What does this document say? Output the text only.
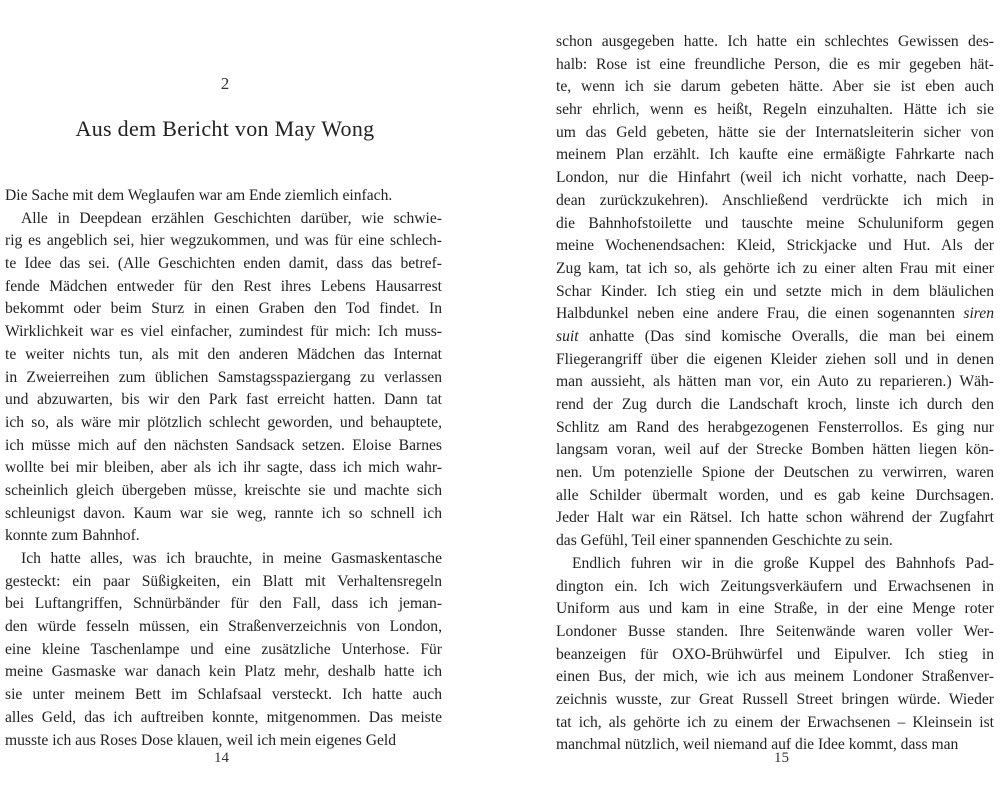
2
Aus dem Bericht von May Wong
Die Sache mit dem Weglaufen war am Ende ziemlich einfach.
Alle in Deepdean erzählen Geschichten darüber, wie schwie-
rig es angeblich sei, hier wegzukommen, und was für eine schlech-
te Idee das sei. (Alle Geschichten enden damit, dass das betref-
fende Mädchen entweder für den Rest ihres Lebens Hausarrest
bekommt oder beim Sturz in einen Graben den Tod findet. In
Wirklichkeit war es viel einfacher, zumindest für mich: Ich muss-
te weiter nichts tun, als mit den anderen Mädchen das Internat
in Zweierreihen zum üblichen Samstagsspaziergang zu verlassen
und abzuwarten, bis wir den Park fast erreicht hatten. Dann tat
ich so, als wäre mir plötzlich schlecht geworden, und behauptete,
ich müsse mich auf den nächsten Sandsack setzen. Eloise Barnes
wollte bei mir bleiben, aber als ich ihr sagte, dass ich mich wahr-
scheinlich gleich übergeben müsse, kreischte sie und machte sich
schleunigst davon. Kaum war sie weg, rannte ich so schnell ich
konnte zum Bahnhof.
Ich hatte alles, was ich brauchte, in meine Gasmaskentasche
gesteckt: ein paar Süßigkeiten, ein Blatt mit Verhaltensregeln
bei Luftangriffen, Schnürbänder für den Fall, dass ich jeman-
den würde fesseln müssen, ein Straßenverzeichnis von London,
eine kleine Taschenlampe und eine zusätzliche Unterhose. Für
meine Gasmaske war danach kein Platz mehr, deshalb hatte ich
sie unter meinem Bett im Schlafsaal versteckt. Ich hatte auch
alles Geld, das ich auftreiben konnte, mitgenommen. Das meiste
musste ich aus Roses Dose klauen, weil ich mein eigenes Geld
14
schon ausgegeben hatte. Ich hatte ein schlechtes Gewissen des-
halb: Rose ist eine freundliche Person, die es mir gegeben hät-
te, wenn ich sie darum gebeten hätte. Aber sie ist eben auch
sehr ehrlich, wenn es heißt, Regeln einzuhalten. Hätte ich sie
um das Geld gebeten, hätte sie der Internatsleiterin sicher von
meinem Plan erzählt. Ich kaufte eine ermäßigte Fahrkarte nach
London, nur die Hinfahrt (weil ich nicht vorhatte, nach Deep-
dean zurückzukehren). Anschließend verdrückte ich mich in
die Bahnhofstoilette und tauschte meine Schuluniform gegen
meine Wochenendsachen: Kleid, Strickjacke und Hut. Als der
Zug kam, tat ich so, als gehörte ich zu einer alten Frau mit einer
Schar Kinder. Ich stieg ein und setzte mich in dem bläulichen
Halbdunkel neben eine andere Frau, die einen sogenannten siren
suit anhatte (Das sind komische Overalls, die man bei einem
Fliegerangriff über die eigenen Kleider ziehen soll und in denen
man aussieht, als hätten man vor, ein Auto zu reparieren.) Wäh-
rend der Zug durch die Landschaft kroch, linste ich durch den
Schlitz am Rand des herabgezogenen Fensterrollos. Es ging nur
langsam voran, weil auf der Strecke Bomben hätten liegen kön-
nen. Um potenzielle Spione der Deutschen zu verwirren, waren
alle Schilder übermalt worden, und es gab keine Durchsagen.
Jeder Halt war ein Rätsel. Ich hatte schon während der Zugfahrt
das Gefühl, Teil einer spannenden Geschichte zu sein.
Endlich fuhren wir in die große Kuppel des Bahnhofs Pad-
dington ein. Ich wich Zeitungsverkäufern und Erwachsenen in
Uniform aus und kam in eine Straße, in der eine Menge roter
Londoner Busse standen. Ihre Seitenwände waren voller Wer-
beanzeigen für OXO-Brühwürfel und Eipulver. Ich stieg in
einen Bus, der mich, wie ich aus meinem Londoner Straßenver-
zeichnis wusste, zur Great Russell Street bringen würde. Wieder
tat ich, als gehörte ich zu einem der Erwachsenen – Kleinsein ist
manchmal nützlich, weil niemand auf die Idee kommt, dass man
15
